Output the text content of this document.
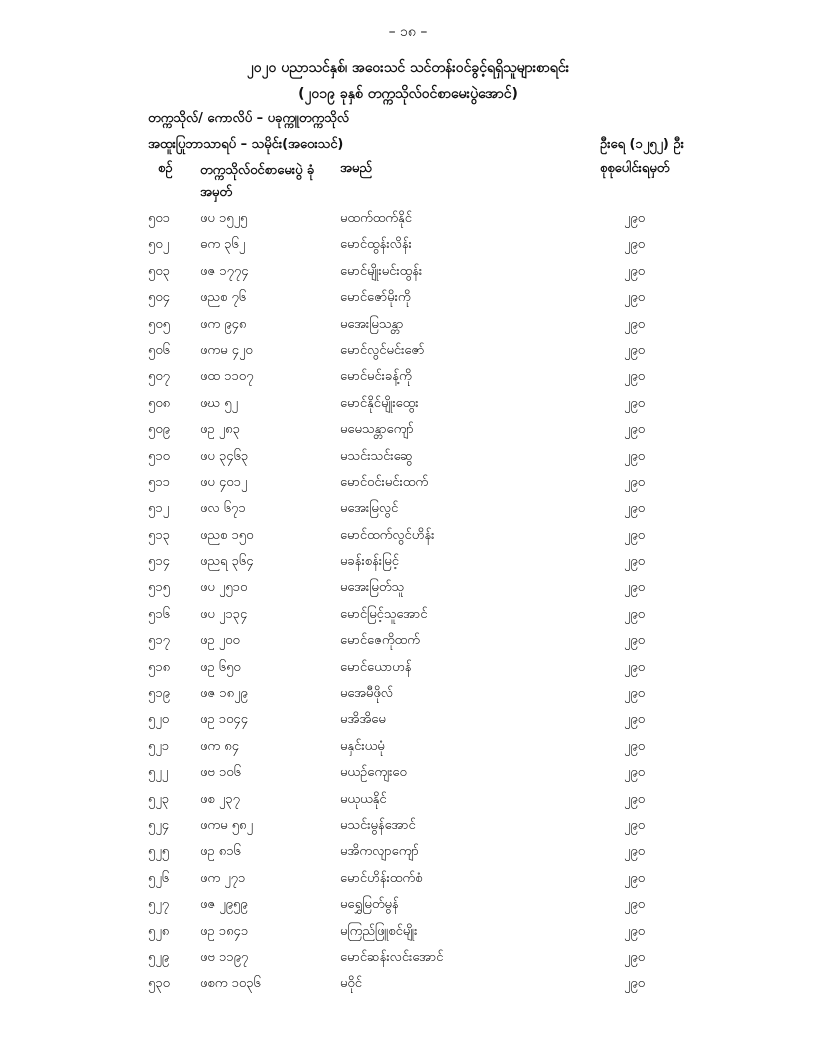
– ၁၈ –
၂၀၂၀ ပညာသင်နှစ်၊ အဝေးသင် သင်တန်းဝင်ခွင့်ရရှိသူများစာရင်း
(၂၀၁၉ ခုနှစ် တက္ကသိုလ်ဝင်စာမေးပွဲအောင်)
တက္ကသိုလ်/ ကောလိပ် – ပခုက္ကူတက္ကသိုလ်
အထူးပြုဘာသာရပ် – သမိုင်း(အဝေးသင်)	ဦးရေ (၁၂၅၂) ဦး
စဉ် တက္ကသိုလ်ဝင်စာမေးပွဲ ခုံအမှတ်
အမည်	စုစုပေါင်းရမှတ်
၅၀၁ ဖပ ၁၅၂၅	မထက်ထက်နိုင်	၂၉၀
၅၀၂ ဓက ၃၆၂	မောင်ထွန်းလိန်း	၂၉၀
၅၀၃ ဖဇ ၁၇၇၄	မောင်မျိုးမင်းထွန်း	၂၉၀
၅၀၄ ဖညစ ၇၆	မောင်ဇော်မိုးကို	၂၉၀
၅၀၅ ဖက ၉၄၈	မအေးမြသန္တာ	၂၉၀
၅၀၆ ဖကမ ၄၂၀	မောင်လွင်မင်းဇော်	၂၉၀
၅၀၇ ဖထ ၁၁၀၇	မောင်မင်းခန့်ကို	၂၉၀
၅၀၈ ဖဃ ၅၂	မောင်နိုင်မျိုးထွေး	၂၉၀
၅၀၉ ဖဥ ၂၈၃	မမေသန္တာကျော်	၂၉၀
၅၁၀ ဖပ ၃၄၆၃	မသင်းသင်းဆွေ	၂၉၀
၅၁၁ ဖပ ၄၀၁၂	မောင်ဝင်းမင်းထက်	၂၉၀
၅၁၂ ဖလ ၆၇၁	မအေးမြလွင်	၂၉၀
၅၁၃ ဖညစ ၁၅၀	မောင်ထက်လွင်ဟိန်း	၂၉၀
၅၁၄ ဖညရ ၃၆၄	မခန်းစန်းမြင့်	၂၉၀
၅၁၅ ဖပ ၂၅၁၀	မအေးမြတ်သူ	၂၉၀
၅၁၆ ဖပ ၂၁၃၄	မောင်မြင့်သူအောင်	၂၉၀
၅၁၇ ဖဥ ၂၀၀	မောင်ဇေကိုထက်	၂၉၀
၅၁၈ ဖဥ ၆၅၀	မောင်ယောဟန်	၂၉၀
၅၁၉ ဖဇ ၁၈၂၉	မအေမီဖိုလ်	၂၉၀
၅၂၀ ဖဥ ၁၀၄၄	မအိအိမေ	၂၉၀
၅၂၁ ဖက ၈၄	မနှင်းယမုံ	၂၉၀
၅၂၂ ဖဗ ၁၀၆	မယဉ်ကျေးဝေ	၂၉၀
၅၂၃ ဖစ ၂၃၇	မယုယနိုင်	၂၉၀
၅၂၄ ဖကမ ၅၈၂	မသင်းမွန်အောင်	၂၉၀
၅၂၅ ဖဥ ၈၁၆	မအိကလျာကျော်	၂၉၀
၅၂၆ ဖက ၂၇၁	မောင်ဟိန်းထက်စံ	၂၉၀
၅၂၇ ဖဇ ၂၉၅၉	မရွှေမြတ်မွန်	၂၉၀
၅၂၈ ဖဥ ၁၈၄၁	မကြည်ဖြူစင်မျိုး	၂၉၀
၅၂၉ ဖဗ ၁၁၉၇	မောင်ဆန်းလင်းအောင်	၂၉၀
၅၃၀ ဖစက ၁၀၃၆	မဝိုင်	၂၉၀
